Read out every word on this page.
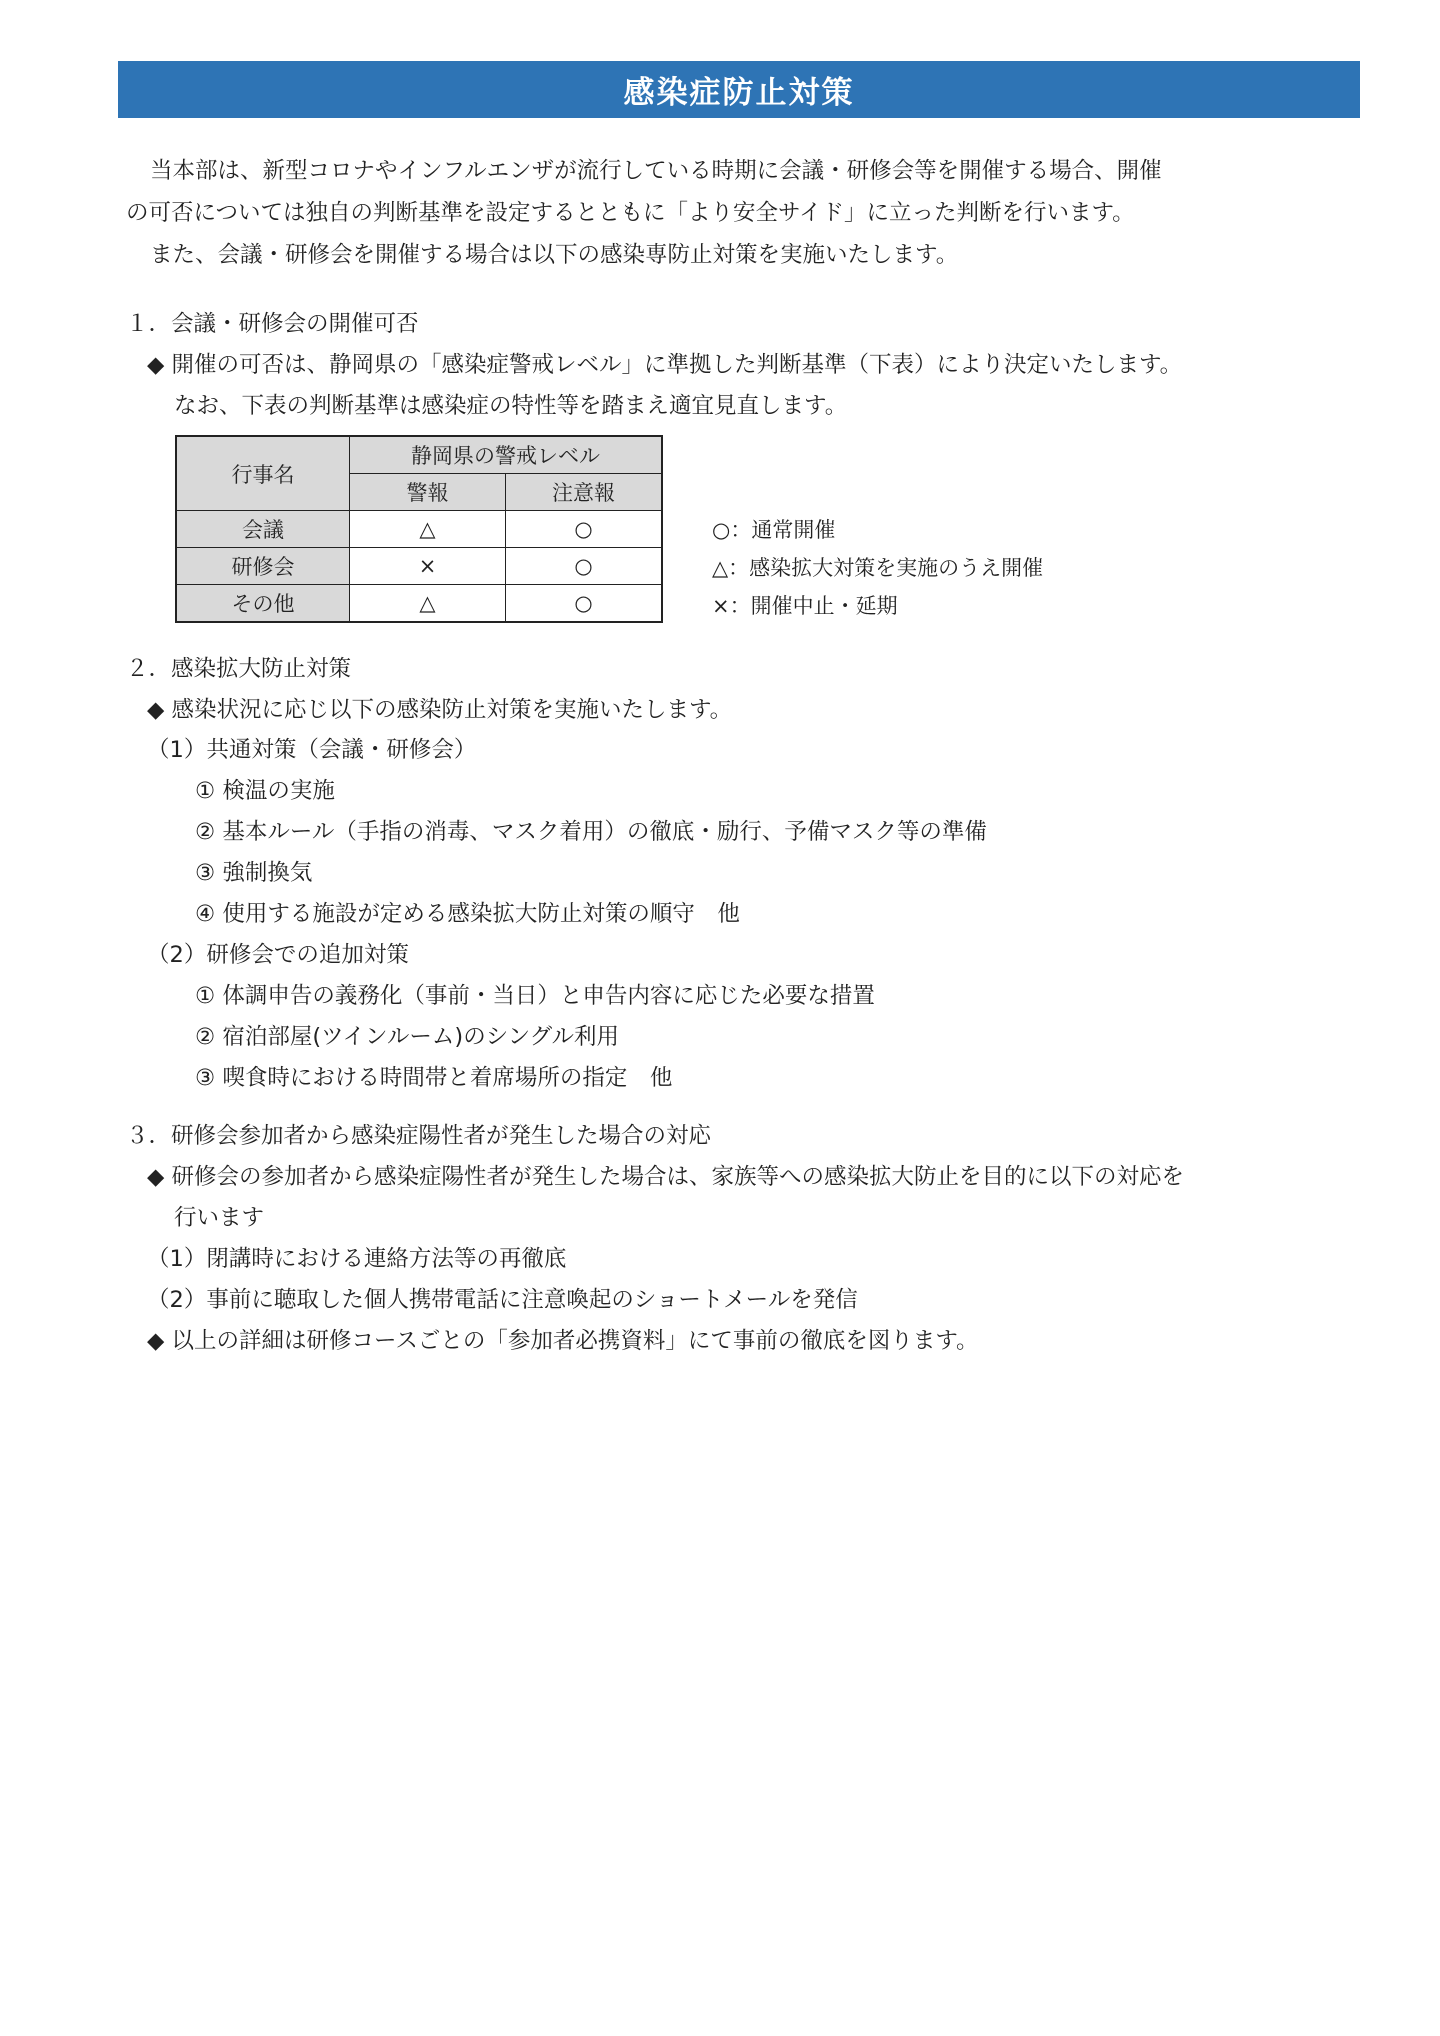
感染症防止対策
当本部は、新型コロナやインフルエンザが流行している時期に会議・研修会等を開催する場合、開催
の可否については独自の判断基準を設定するとともに「より安全サイド」に立った判断を行います。
また、会議・研修会を開催する場合は以下の感染専防止対策を実施いたします。
１．会議・研修会の開催可否
◆ 開催の可否は、静岡県の「感染症警戒レベル」に準拠した判断基準（下表）により決定いたします。
なお、下表の判断基準は感染症の特性等を踏まえ適宜見直します。
行事名	静岡県の警戒レベル	
	警報	注意報
会議	△	○
研修会	×	○
その他	△	○
○：通常開催
△：感染拡大対策を実施のうえ開催
×：開催中止・延期
２．感染拡大防止対策
◆ 感染状況に応じ以下の感染防止対策を実施いたします。
（1）共通対策（会議・研修会）
① 検温の実施
② 基本ルール（手指の消毒、マスク着用）の徹底・励行、予備マスク等の準備
③ 強制換気
④ 使用する施設が定める感染拡大防止対策の順守　他
（2）研修会での追加対策
① 体調申告の義務化（事前・当日）と申告内容に応じた必要な措置
② 宿泊部屋(ツインルーム)のシングル利用
③ 喫食時における時間帯と着席場所の指定　他
３．研修会参加者から感染症陽性者が発生した場合の対応
◆ 研修会の参加者から感染症陽性者が発生した場合は、家族等への感染拡大防止を目的に以下の対応を
行います
（1）閉講時における連絡方法等の再徹底
（2）事前に聴取した個人携帯電話に注意喚起のショートメールを発信
◆ 以上の詳細は研修コースごとの「参加者必携資料」にて事前の徹底を図ります。
